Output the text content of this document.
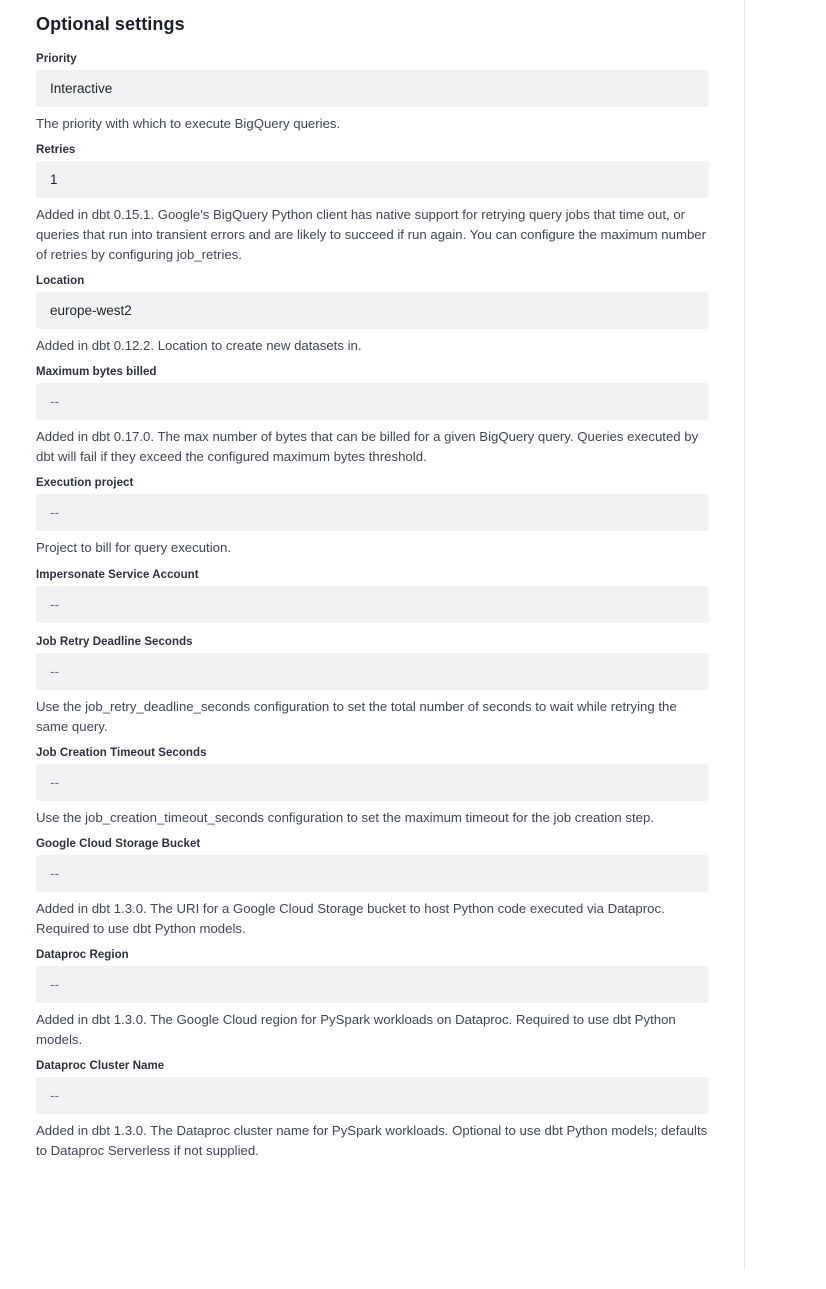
Optional settings
Priority
Interactive
The priority with which to execute BigQuery queries.
Retries
1
Added in dbt 0.15.1. Google's BigQuery Python client has native support for retrying query jobs that time out, or queries that run into transient errors and are likely to succeed if run again. You can configure the maximum number of retries by configuring job_retries.
Location
europe-west2
Added in dbt 0.12.2. Location to create new datasets in.
Maximum bytes billed
--
Added in dbt 0.17.0. The max number of bytes that can be billed for a given BigQuery query. Queries executed by dbt will fail if they exceed the configured maximum bytes threshold.
Execution project
--
Project to bill for query execution.
Impersonate Service Account
--
Job Retry Deadline Seconds
--
Use the job_retry_deadline_seconds configuration to set the total number of seconds to wait while retrying the same query.
Job Creation Timeout Seconds
--
Use the job_creation_timeout_seconds configuration to set the maximum timeout for the job creation step.
Google Cloud Storage Bucket
--
Added in dbt 1.3.0. The URI for a Google Cloud Storage bucket to host Python code executed via Dataproc. Required to use dbt Python models.
Dataproc Region
--
Added in dbt 1.3.0. The Google Cloud region for PySpark workloads on Dataproc. Required to use dbt Python models.
Dataproc Cluster Name
--
Added in dbt 1.3.0. The Dataproc cluster name for PySpark workloads. Optional to use dbt Python models; defaults to Dataproc Serverless if not supplied.
